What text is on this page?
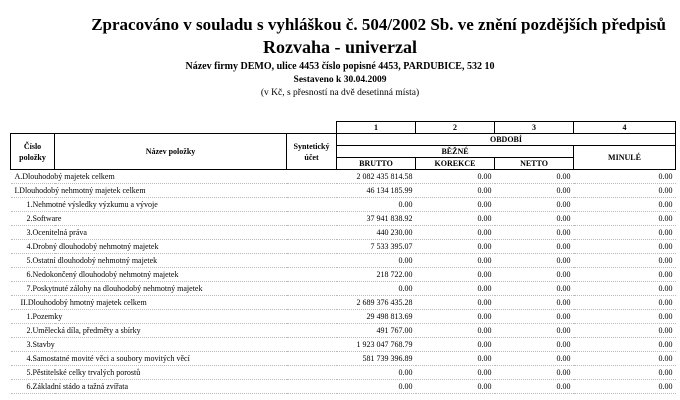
Zpracováno v souladu s vyhláškou č. 504/2002 Sb. ve znění pozdějších předpisů
Rozvaha - univerzal
Název firmy DEMO, ulice 4453 číslo popisné 4453, PARDUBICE, 532 10
Sestaveno k 30.04.2009
(v Kč, s přesností na dvě desetinná místa)
			1	2	3	4
Číslo položky	Název položky	Syntetický účet	OBDOBÍ			
			BĚŽNÉ			MINULÉ
			BRUTTO	KOREKCE	NETTO	
A.Dlouhodobý majetek celkem			2 082 435 814.58	0.00	0.00	0.00
I.Dlouhodobý nehmotný majetek celkem			46 134 185.99	0.00	0.00	0.00
1.Nehmotné výsledky výzkumu a vývoje			0.00	0.00	0.00	0.00
2.Software			37 941 838.92	0.00	0.00	0.00
3.Ocenitelná práva			440 230.00	0.00	0.00	0.00
4.Drobný dlouhodobý nehmotný majetek			7 533 395.07	0.00	0.00	0.00
5.Ostatní dlouhodobý nehmotný majetek			0.00	0.00	0.00	0.00
6.Nedokončený dlouhodobý nehmotný majetek			218 722.00	0.00	0.00	0.00
7.Poskytnuté zálohy na dlouhodobý nehmotný majetek			0.00	0.00	0.00	0.00
II.Dlouhodobý hmotný majetek celkem			2 689 376 435.28	0.00	0.00	0.00
1.Pozemky			29 498 813.69	0.00	0.00	0.00
2.Umělecká díla, předměty a sbírky			491 767.00	0.00	0.00	0.00
3.Stavby			1 923 047 768.79	0.00	0.00	0.00
4.Samostatné movité věci a soubory movitých věcí			581 739 396.89	0.00	0.00	0.00
5.Pěstitelské celky trvalých porostů			0.00	0.00	0.00	0.00
6.Základní stádo a tažná zvířata			0.00	0.00	0.00	0.00
